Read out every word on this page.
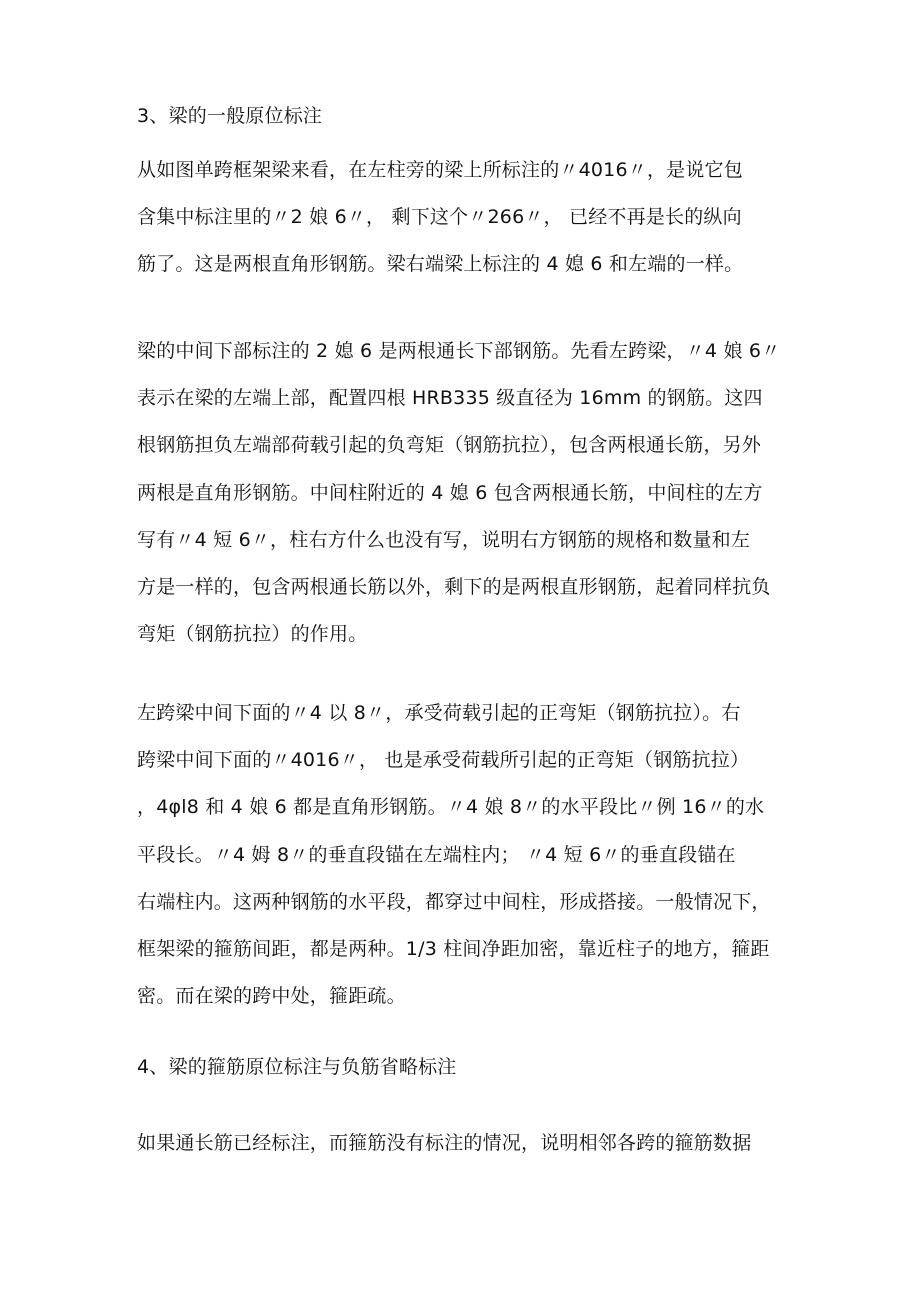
3、梁的一般原位标注
从如图单跨框架梁来看，在左柱旁的梁上所标注的〃4016〃，是说它包
含集中标注里的〃2 娘 6〃， 剩下这个〃266〃， 已经不再是长的纵向
筋了。这是两根直角形钢筋。梁右端梁上标注的 4 媳 6 和左端的一样。
梁的中间下部标注的 2 媳 6 是两根通长下部钢筋。先看左跨梁，〃4 娘 6〃
表示在梁的左端上部，配置四根 HRB335 级直径为 16mm 的钢筋。这四
根钢筋担负左端部荷载引起的负弯矩（钢筋抗拉），包含两根通长筋，另外
两根是直角形钢筋。中间柱附近的 4 媳 6 包含两根通长筋，中间柱的左方
写有〃4 短 6〃，柱右方什么也没有写，说明右方钢筋的规格和数量和左
方是一样的，包含两根通长筋以外，剩下的是两根直形钢筋，起着同样抗负
弯矩（钢筋抗拉）的作用。
左跨梁中间下面的〃4 以 8〃，承受荷载引起的正弯矩（钢筋抗拉）。右
跨梁中间下面的〃4016〃， 也是承受荷载所引起的正弯矩（钢筋抗拉）
，4φl8 和 4 娘 6 都是直角形钢筋。〃4 娘 8〃的水平段比〃例 16〃的水
平段长。〃4 姆 8〃的垂直段锚在左端柱内； 〃4 短 6〃的垂直段锚在
右端柱内。这两种钢筋的水平段，都穿过中间柱，形成搭接。一般情况下，
框架梁的箍筋间距，都是两种。1/3 柱间净距加密，靠近柱子的地方，箍距
密。而在梁的跨中处，箍距疏。
4、梁的箍筋原位标注与负筋省略标注
如果通长筋已经标注，而箍筋没有标注的情况，说明相邻各跨的箍筋数据
